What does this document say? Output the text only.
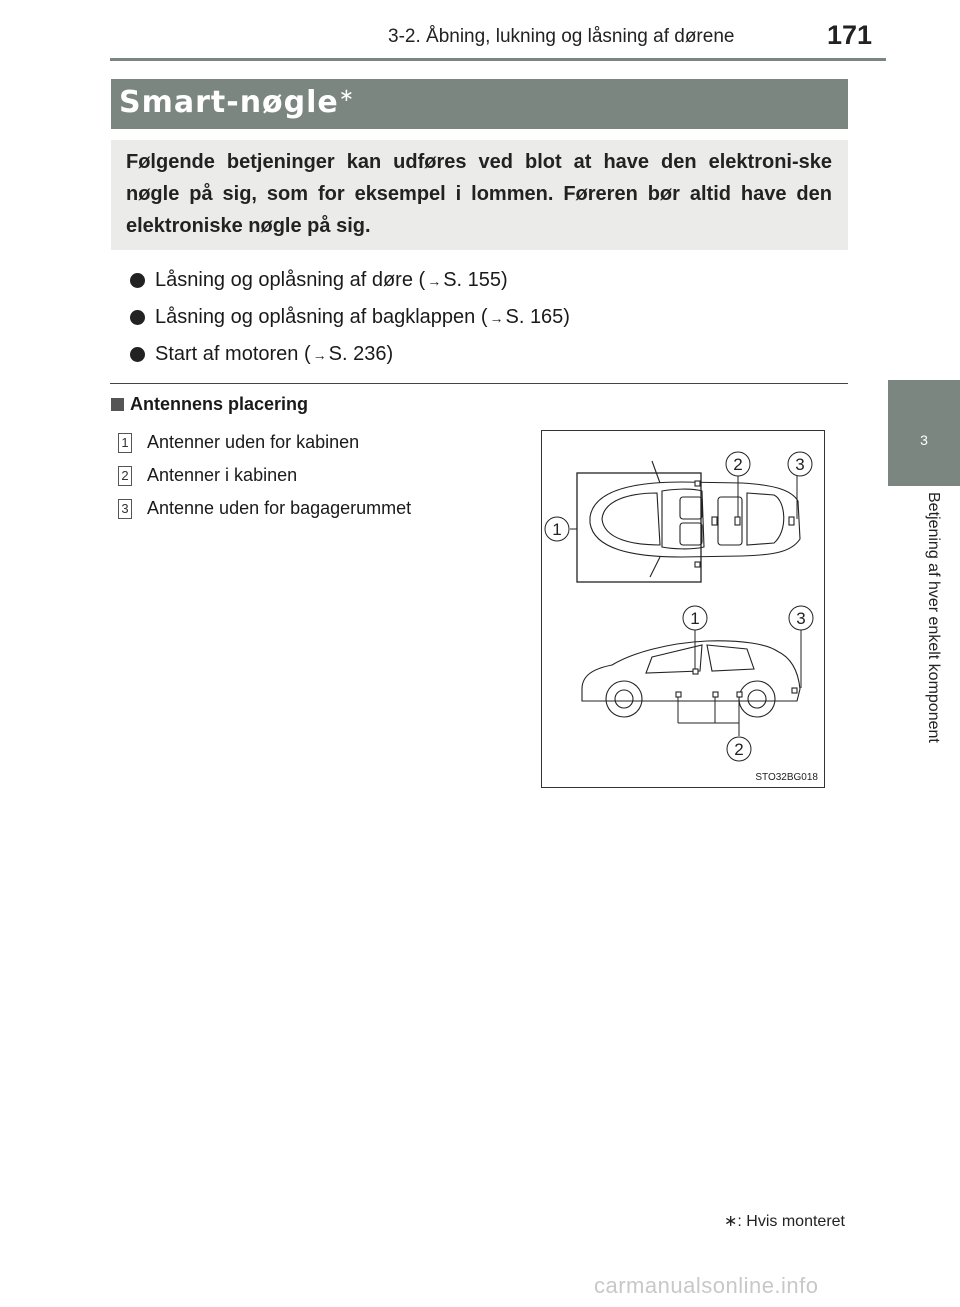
3-2. Åbning, lukning og låsning af dørene	171
3
Betjening af hver enkelt komponent
Smart-nøgle∗
Følgende betjeninger kan udføres ved blot at have den elektroni-ske nøgle på sig, som for eksempel i lommen. Føreren bør altid have den elektroniske nøgle på sig.
Låsning og oplåsning af døre ( → S. 155)
Låsning og oplåsning af bagklappen ( → S. 165)
Start af motoren ( → S. 236)
Antennens placering
1 Antenner uden for kabinen
2 Antenner i kabinen
3 Antenne uden for bagagerummet
2	3
1
1	3
2
STO32BG018
∗: Hvis monteret
carmanualsonline.info
